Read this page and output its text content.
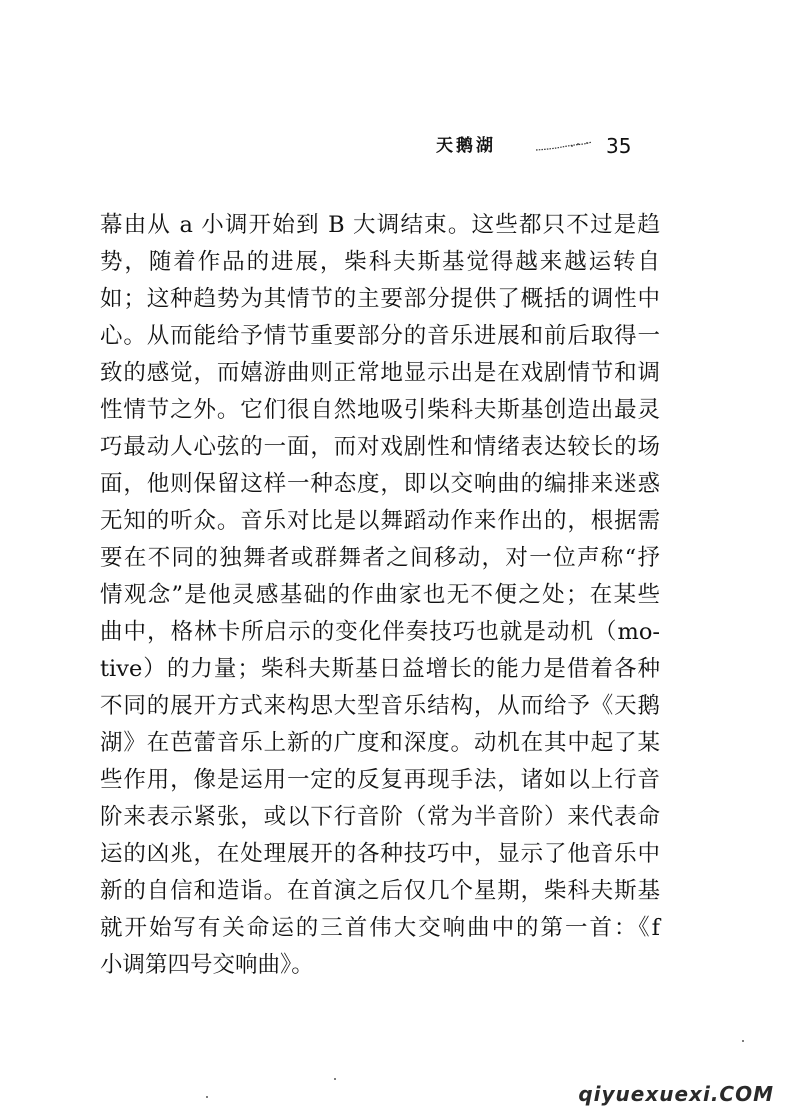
天鹅湖	35
幕由从 a 小调开始到 B 大调结束。这些都只不过是趋
势，随着作品的进展，柴科夫斯基觉得越来越运转自
如；这种趋势为其情节的主要部分提供了概括的调性中
心。从而能给予情节重要部分的音乐进展和前后取得一
致的感觉，而嬉游曲则正常地显示出是在戏剧情节和调
性情节之外。它们很自然地吸引柴科夫斯基创造出最灵
巧最动人心弦的一面，而对戏剧性和情绪表达较长的场
面，他则保留这样一种态度，即以交响曲的编排来迷惑
无知的听众。音乐对比是以舞蹈动作来作出的，根据需
要在不同的独舞者或群舞者之间移动，对一位声称“抒
情观念”是他灵感基础的作曲家也无不便之处；在某些
曲中，格林卡所启示的变化伴奏技巧也就是动机（mo-
tive）的力量；柴科夫斯基日益增长的能力是借着各种
不同的展开方式来构思大型音乐结构，从而给予《天鹅
湖》在芭蕾音乐上新的广度和深度。动机在其中起了某
些作用，像是运用一定的反复再现手法，诸如以上行音
阶来表示紧张，或以下行音阶（常为半音阶）来代表命
运的凶兆，在处理展开的各种技巧中，显示了他音乐中
新的自信和造诣。在首演之后仅几个星期，柴科夫斯基
就开始写有关命运的三首伟大交响曲中的第一首：《f
小调第四号交响曲》。
qiyuexuexi.COM
